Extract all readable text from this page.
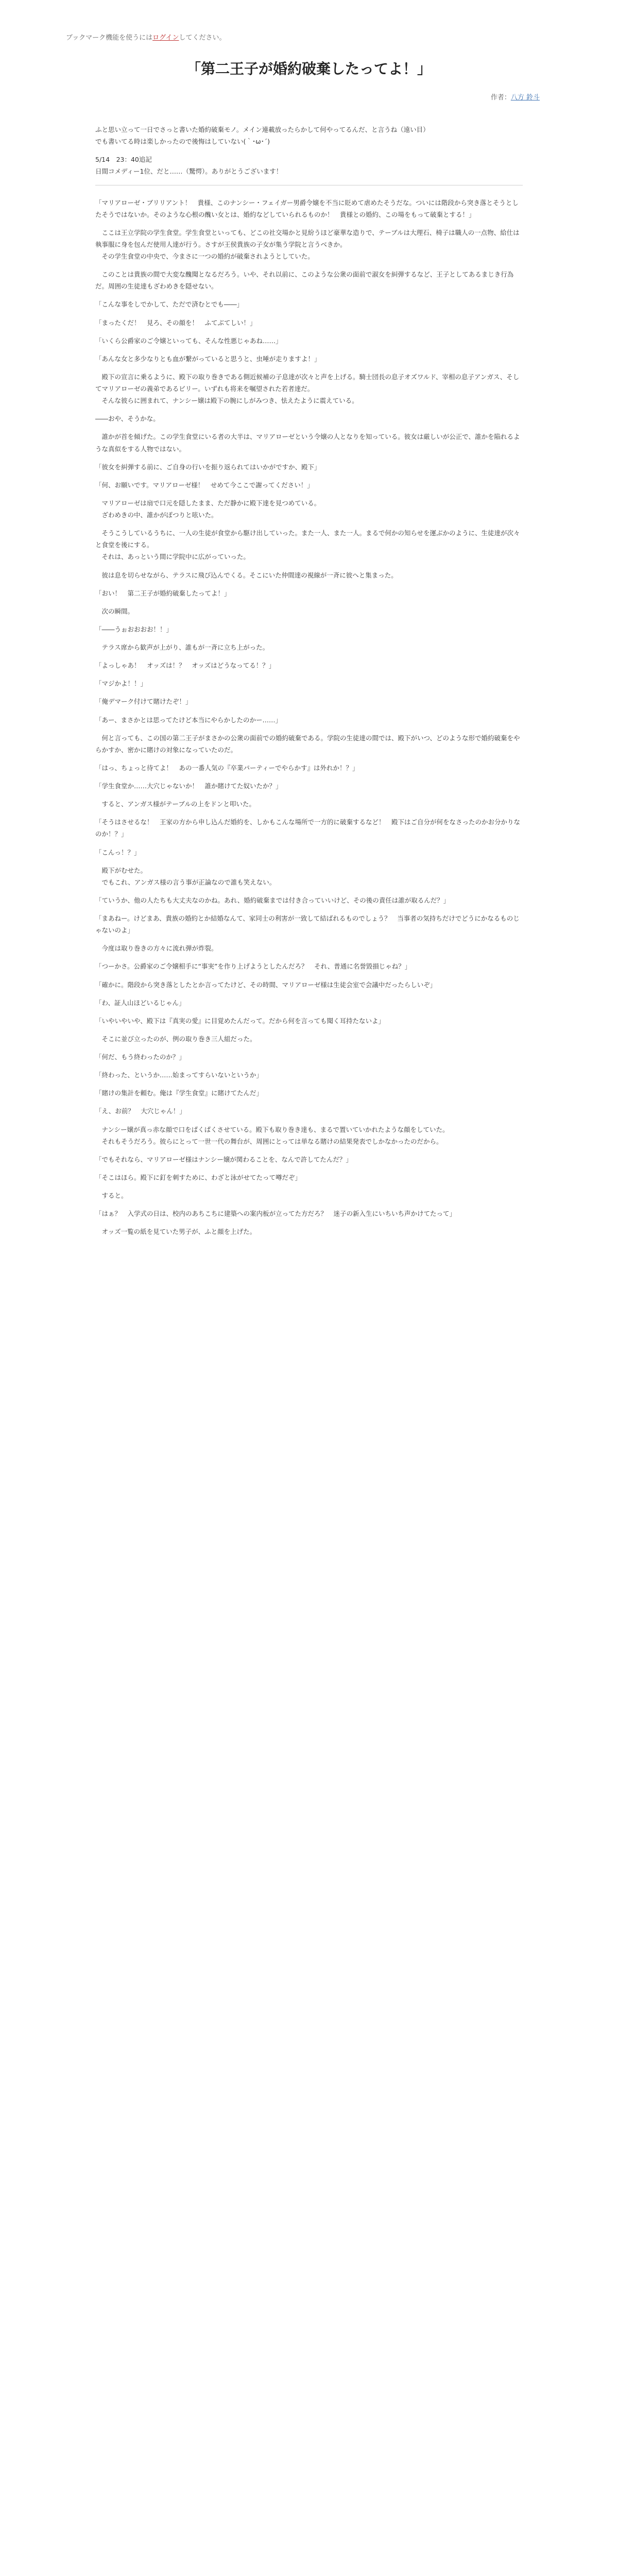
ブックマーク機能を使うにはログインしてください。
「第二王子が婚約破棄したってよ！」
作者：八方 鈴斗

ふと思い立って一日でさっと書いた婚約破棄モノ。メイン連載放ったらかして何やってるんだ、と言うね（遠い目）
でも書いてる時は楽しかったので後悔はしていない(｀･ω･´)

5/14　23：40追記
日間コメディー1位、だと……（驚愕）。ありがとうございます！

「マリアローゼ・ブリリアント！　貴様、このナンシー・フェイガー男爵令嬢を不当に貶めて虐めたそうだな。ついには階段から突き落とそうとしたそうではないか。そのような心根の醜い女とは、婚約などしていられるものか！　貴様との婚約、この場をもって破棄とする！」

　ここは王立学院の学生食堂。学生食堂といっても、どこの社交場かと見紛うほど豪華な造りで、テーブルは大理石、椅子は職人の一点物、給仕は執事服に身を包んだ使用人達が行う。さすが王侯貴族の子女が集う学院と言うべきか。
　その学生食堂の中央で、今まさに一つの婚約が破棄されようとしていた。

　このことは貴族の間で大変な醜聞となるだろう。いや、それ以前に、このような公衆の面前で淑女を糾弾するなど、王子としてあるまじき行為だ。周囲の生徒達もざわめきを隠せない。

「こんな事をしでかして、ただで済むとでも――」

「まったくだ！　見ろ、その顔を！　ふてぶてしい！」

「いくら公爵家のご令嬢といっても、そんな性悪じゃあね……」

「あんな女と多少なりとも血が繋がっていると思うと、虫唾が走りますよ！」

　殿下の宣言に乗るように、殿下の取り巻きである側近候補の子息達が次々と声を上げる。騎士団長の息子オズワルド、宰相の息子アンガス、そしてマリアローゼの義弟であるビリー。いずれも将来を嘱望された若者達だ。
　そんな彼らに囲まれて、ナンシー嬢は殿下の腕にしがみつき、怯えたように震えている。

――おや、そうかな。

　誰かが首を傾げた。この学生食堂にいる者の大半は、マリアローゼという令嬢の人となりを知っている。彼女は厳しいが公正で、誰かを陥れるような真似をする人物ではない。

「彼女を糾弾する前に、ご自身の行いを振り返られてはいかがですか、殿下」

「何、お願いです。マリアローゼ様！　せめて今ここで謝ってください！」

　マリアローゼは扇で口元を隠したまま、ただ静かに殿下達を見つめている。
　ざわめきの中、誰かがぽつりと呟いた。

　そうこうしているうちに、一人の生徒が食堂から駆け出していった。また一人、また一人。まるで何かの知らせを運ぶかのように、生徒達が次々と食堂を後にする。
　それは、あっという間に学院中に広がっていった。

　彼は息を切らせながら、テラスに飛び込んでくる。そこにいた仲間達の視線が一斉に彼へと集まった。

「おい！　第二王子が婚約破棄したってよ！」

　次の瞬間。

「――うぉおおおお！！」

　テラス席から歓声が上がり、誰もが一斉に立ち上がった。

「よっしゃあ！　オッズは！？　オッズはどうなってる！？」

「マジかよ！！」

「俺デマーク付けて賭けたぞ！」

「あー、まさかとは思ってたけど本当にやらかしたのかー……」

　何と言っても、この国の第二王子がまさかの公衆の面前での婚約破棄である。学院の生徒達の間では、殿下がいつ、どのような形で婚約破棄をやらかすか、密かに賭けの対象になっていたのだ。

「はっ、ちょっと待てよ！　あの一番人気の『卒業パーティーでやらかす』は外れか！？」

「学生食堂か……大穴じゃないか！　誰か賭けてた奴いたか？」

　すると、アンガス様がテーブルの上をドンと叩いた。

「そうはさせるな！　王家の方から申し込んだ婚約を、しかもこんな場所で一方的に破棄するなど！　殿下はご自分が何をなさったのかお分かりなのか！？」

「こんっ！？」

　殿下がむせた。
　でもこれ、アンガス様の言う事が正論なので誰も笑えない。

「ていうか、他の人たちも大丈夫なのかね。あれ、婚約破棄までは付き合っていいけど、その後の責任は誰が取るんだ？」

「まあねー。けどまあ、貴族の婚約とか結婚なんて、家同士の利害が一致して結ばれるものでしょう？　当事者の気持ちだけでどうにかなるものじゃないのよ」

　今度は取り巻きの方々に流れ弾が炸裂。

「つーかさ。公爵家のご令嬢相手に“事実”を作り上げようとしたんだろ？　それ、普通に名誉毀損じゃね？」

「確かに。階段から突き落としたとか言ってたけど、その時間、マリアローゼ様は生徒会室で会議中だったらしいぞ」

「わ、証人山ほどいるじゃん」

「いやいやいや、殿下は『真実の愛』に目覚めたんだって。だから何を言っても聞く耳持たないよ」

　そこに並び立ったのが、例の取り巻き三人組だった。

「何だ、もう終わったのか？」

「終わった、というか……始まってすらいないというか」

「賭けの集計を頼む。俺は『学生食堂』に賭けてたんだ」

「え、お前？　大穴じゃん！」

　ナンシー嬢が真っ赤な顔で口をぱくぱくさせている。殿下も取り巻き達も、まるで置いていかれたような顔をしていた。
　それもそうだろう。彼らにとって一世一代の舞台が、周囲にとっては単なる賭けの結果発表でしかなかったのだから。

「でもそれなら、マリアローゼ様はナンシー嬢が関わることを、なんで許してたんだ？」

「そこはほら。殿下に釘を刺すために、わざと泳がせてたって噂だぞ」

　すると。

「はぁ？　入学式の日は、校内のあちこちに建築への案内板が立ってた方だろ？　迷子の新入生にいちいち声かけてたって」

　オッズ一覧の紙を見ていた男子が、ふと顔を上げた。
